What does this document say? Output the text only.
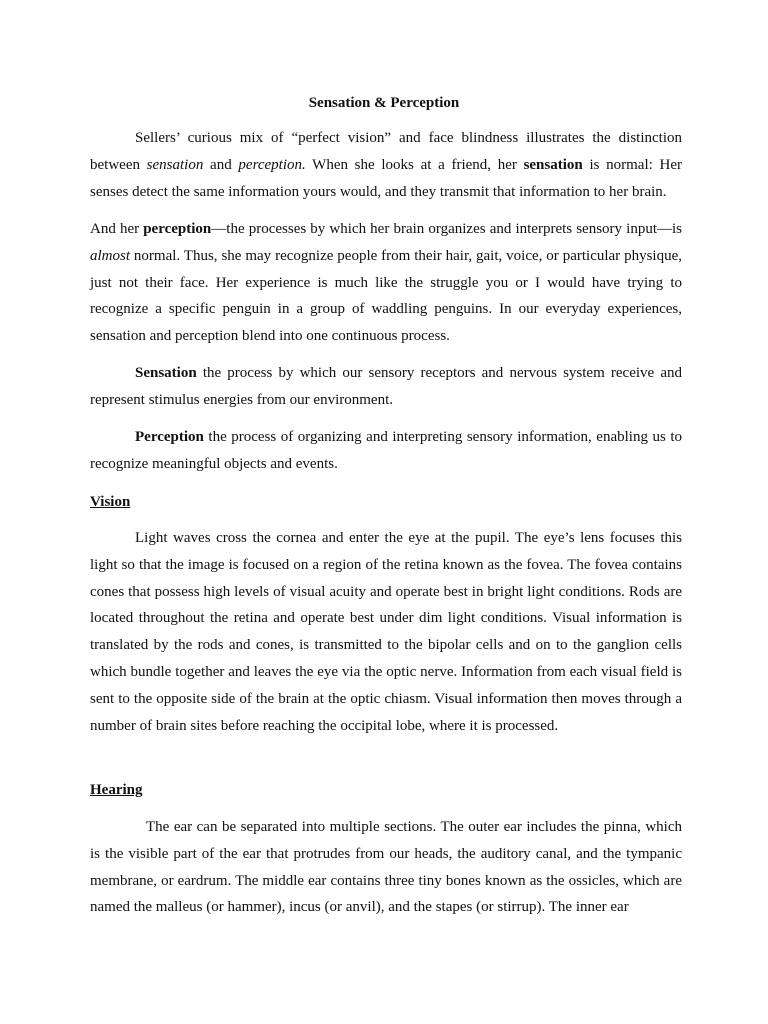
Sensation & Perception

Sellers’ curious mix of “perfect vision” and face blindness illustrates the distinction between sensation and perception. When she looks at a friend, her sensation is normal: Her senses detect the same information yours would, and they transmit that information to her brain.

And her perception—the processes by which her brain organizes and interprets sensory input—is almost normal. Thus, she may recognize people from their hair, gait, voice, or particular physique, just not their face. Her experience is much like the struggle you or I would have trying to recognize a specific penguin in a group of waddling penguins. In our everyday experiences, sensation and perception blend into one continuous process.

Sensation the process by which our sensory receptors and nervous system receive and represent stimulus energies from our environment.

Perception the process of organizing and interpreting sensory information, enabling us to recognize meaningful objects and events.

Vision

Light waves cross the cornea and enter the eye at the pupil. The eye’s lens focuses this light so that the image is focused on a region of the retina known as the fovea. The fovea contains cones that possess high levels of visual acuity and operate best in bright light conditions. Rods are located throughout the retina and operate best under dim light conditions. Visual information is translated by the rods and cones, is transmitted to the bipolar cells and on to the ganglion cells which bundle together and leaves the eye via the optic nerve. Information from each visual field is sent to the opposite side of the brain at the optic chiasm. Visual information then moves through a number of brain sites before reaching the occipital lobe, where it is processed.

Hearing

The ear can be separated into multiple sections. The outer ear includes the pinna, which is the visible part of the ear that protrudes from our heads, the auditory canal, and the tympanic membrane, or eardrum. The middle ear contains three tiny bones known as the ossicles, which are named the malleus (or hammer), incus (or anvil), and the stapes (or stirrup). The inner ear
